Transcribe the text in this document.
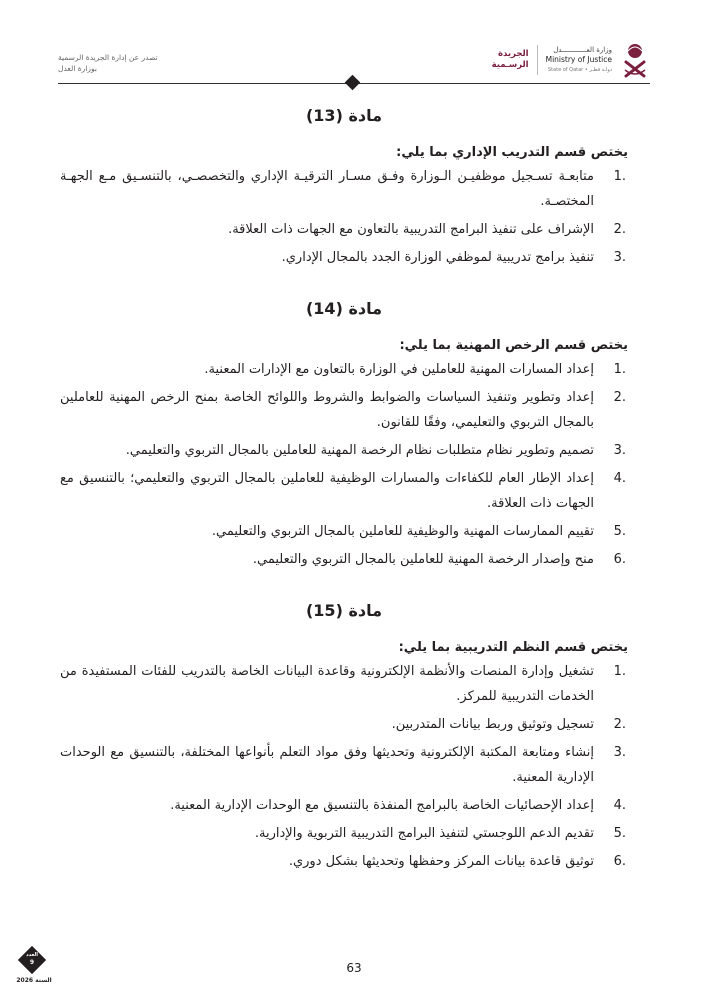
تصدر عن إدارة الجريدة الرسمية
بوزارة العدل
وزارة العــــــــــــدل
Ministry of Justice
State of Qatar • دولـة قطـر
الجريدة
الرسـمية
مادة (13)

يختص قسم التدريب الإداري بما يلي:

1.
متابعـة تسـجيل موظفيـن الـوزارة وفـق مسـار الترقيـة الإداري والتخصصـي، بالتنسـيق مـع الجهـة المختصـة.
2.
الإشراف على تنفيذ البرامج التدريبية بالتعاون مع الجهات ذات العلاقة.
3.
تنفيذ برامج تدريبية لموظفي الوزارة الجدد بالمجال الإداري.
مادة (14)

يختص قسم الرخص المهنية بما يلي:

1.
إعداد المسارات المهنية للعاملين في الوزارة بالتعاون مع الإدارات المعنية.
2.
إعداد وتطوير وتنفيذ السياسات والضوابط والشروط واللوائح الخاصة بمنح الرخص المهنية للعاملين بالمجال التربوي والتعليمي، وفقًا للقانون.
3.
تصميم وتطوير نظام متطلبات نظام الرخصة المهنية للعاملين بالمجال التربوي والتعليمي.
4.
إعداد الإطار العام للكفاءات والمسارات الوظيفية للعاملين بالمجال التربوي والتعليمي؛ بالتنسيق مع الجهات ذات العلاقة.
5.
تقييم الممارسات المهنية والوظيفية للعاملين بالمجال التربوي والتعليمي.
6.
منح وإصدار الرخصة المهنية للعاملين بالمجال التربوي والتعليمي.
مادة (15)

يختص قسم النظم التدريبية بما يلي:

1.
تشغيل وإدارة المنصات والأنظمة الإلكترونية وقاعدة البيانات الخاصة بالتدريب للفئات المستفيدة من الخدمات التدريبية للمركز.
2.
تسجيل وتوثيق وربط بيانات المتدربين.
3.
إنشاء ومتابعة المكتبة الإلكترونية وتحديثها وفق مواد التعلم بأنواعها المختلفة، بالتنسيق مع الوحدات الإدارية المعنية.
4.
إعداد الإحصائيات الخاصة بالبرامج المنفذة بالتنسيق مع الوحدات الإدارية المعنية.
5.
تقديم الدعم اللوجستي لتنفيذ البرامج التدريبية التربوية والإدارية.
6.
توثيق قاعدة بيانات المركز وحفظها وتحديثها بشكل دوري.
العدد
9
السنة 2026
63
